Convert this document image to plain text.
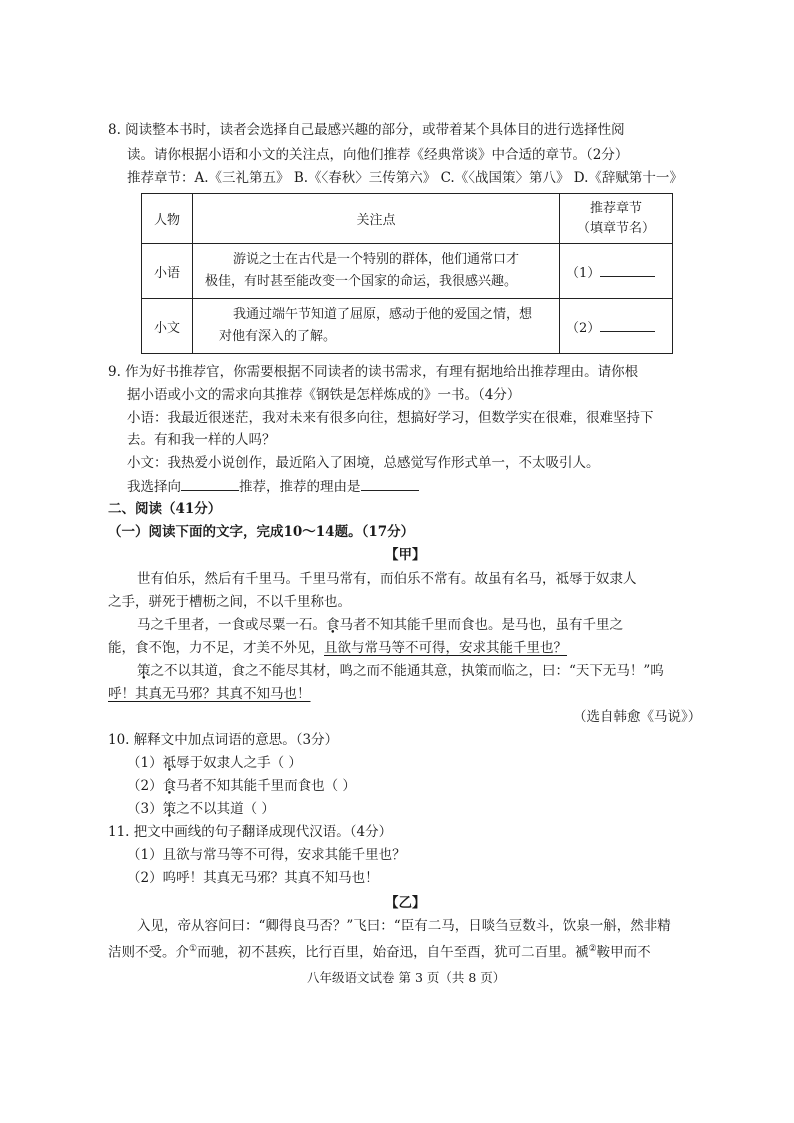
8. 阅读整本书时，读者会选择自己最感兴趣的部分，或带着某个具体目的进行选择性阅
读。请你根据小语和小文的关注点，向他们推荐《经典常谈》中合适的章节。（2分）
推荐章节：A.《三礼第五》 B.《〈春秋〉三传第六》 C.《〈战国策〉第八》 D.《辞赋第十一》
人物	关注点	推荐章节
（填章节名）

小语	游说之士在古代是一个特别的群体，他们通常口才
极佳，有时甚至能改变一个国家的命运，我很感兴趣。	（1）
小文	我通过端午节知道了屈原，感动于他的爱国之情，想
对他有深入的了解。	（2）
9. 作为好书推荐官，你需要根据不同读者的读书需求，有理有据地给出推荐理由。请你根
据小语或小文的需求向其推荐《钢铁是怎样炼成的》一书。（4分）
小语：我最近很迷茫，我对未来有很多向往，想搞好学习，但数学实在很难，很难坚持下
去。有和我一样的人吗？
小文：我热爱小说创作，最近陷入了困境，总感觉写作形式单一，不太吸引人。
我选择向	推荐，推荐的理由是
二、阅读（41分）
（一）阅读下面的文字，完成10～14题。（17分）
【甲】
世有伯乐，然后有千里马。千里马常有，而伯乐不常有。故虽有名马，祗辱于奴隶人
之手，骈死于槽枥之间，不以千里称也。
马之千里者，一食或尽粟一石。食马者不知其能千里而食也。是马也，虽有千里之
能，食不饱，力不足，才美不外见，且欲与常马等不可得，安求其能千里也？
策之不以其道，食之不能尽其材，鸣之而不能通其意，执策而临之，曰：“天下无马！”呜
呼！其真无马邪？其真不知马也！
（选自韩愈《马说》）
10. 解释文中加点词语的意思。（3分）
（1）祗辱于奴隶人之手（ ）
（2）食马者不知其能千里而食也（ ）
（3）策之不以其道（ ）
11. 把文中画线的句子翻译成现代汉语。（4分）
（1）且欲与常马等不可得，安求其能千里也？
（2）呜呼！其真无马邪？其真不知马也！
【乙】
入见，帝从容问曰：“卿得良马否？”飞曰：“臣有二马，日啖刍豆数斗，饮泉一斛，然非精
洁则不受。介①而驰，初不甚疾，比行百里，始奋迅，自午至酉，犹可二百里。褫②鞍甲而不
八年级语文试卷 第 3 页（共 8 页）
